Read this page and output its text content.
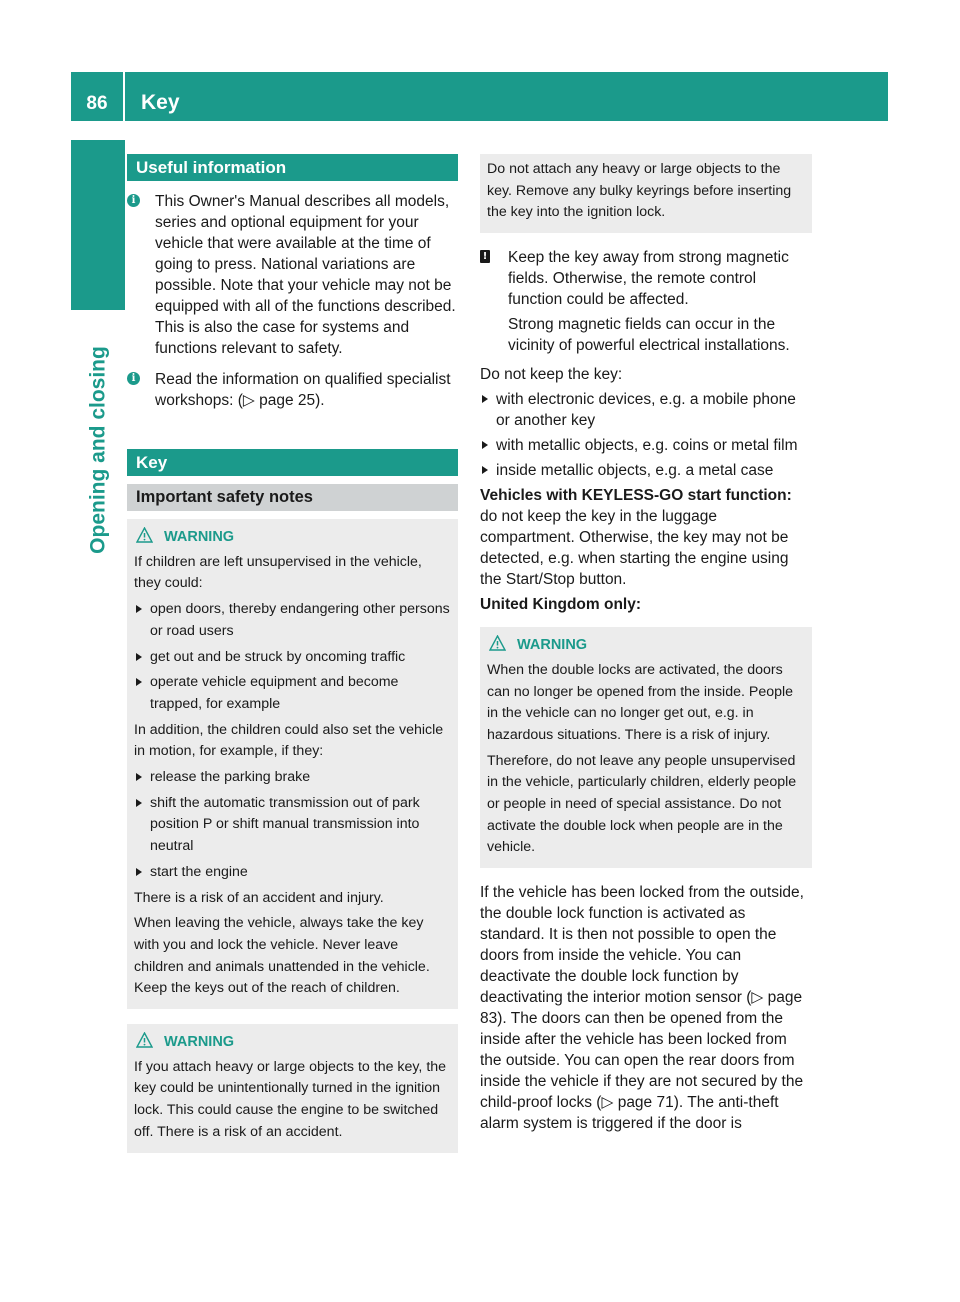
86	Key
Opening and closing
Useful information
i This Owner's Manual describes all models, series and optional equipment for your vehicle that were available at the time of going to press. National variations are possible. Note that your vehicle may not be equipped with all of the functions described. This is also the case for systems and functions relevant to safety.

i Read the information on qualified specialist workshops: (▷ page 25).

Key
Important safety notes
WARNING

If children are left unsupervised in the vehicle, they could:

open doors, thereby endangering other persons or road users
get out and be struck by oncoming traffic
operate vehicle equipment and become trapped, for example

In addition, the children could also set the vehicle in motion, for example, if they:

release the parking brake
shift the automatic transmission out of park position P or shift manual transmission into neutral
start the engine

There is a risk of an accident and injury.

When leaving the vehicle, always take the key with you and lock the vehicle. Never leave children and animals unattended in the vehicle. Keep the keys out of the reach of children.

WARNING

If you attach heavy or large objects to the key, the key could be unintentionally turned in the ignition lock. This could cause the engine to be switched off. There is a risk of an accident.

Do not attach any heavy or large objects to the key. Remove any bulky keyrings before inserting the key into the ignition lock.

! Keep the key away from strong magnetic fields. Otherwise, the remote control function could be affected.

Strong magnetic fields can occur in the vicinity of powerful electrical installations.

Do not keep the key:

with electronic devices, e.g. a mobile phone or another key
with metallic objects, e.g. coins or metal film
inside metallic objects, e.g. a metal case

Vehicles with KEYLESS-GO start function:

do not keep the key in the luggage compartment. Otherwise, the key may not be detected, e.g. when starting the engine using the Start/Stop button.

United Kingdom only:

WARNING

When the double locks are activated, the doors can no longer be opened from the inside. People in the vehicle can no longer get out, e.g. in hazardous situations. There is a risk of injury.

Therefore, do not leave any people unsupervised in the vehicle, particularly children, elderly people or people in need of special assistance. Do not activate the double lock when people are in the vehicle.

If the vehicle has been locked from the outside, the double lock function is activated as standard. It is then not possible to open the doors from inside the vehicle. You can deactivate the double lock function by deactivating the interior motion sensor (▷ page 83). The doors can then be opened from the inside after the vehicle has been locked from the outside. You can open the rear doors from inside the vehicle if they are not secured by the child-proof locks (▷ page 71). The anti-theft alarm system is triggered if the door is
